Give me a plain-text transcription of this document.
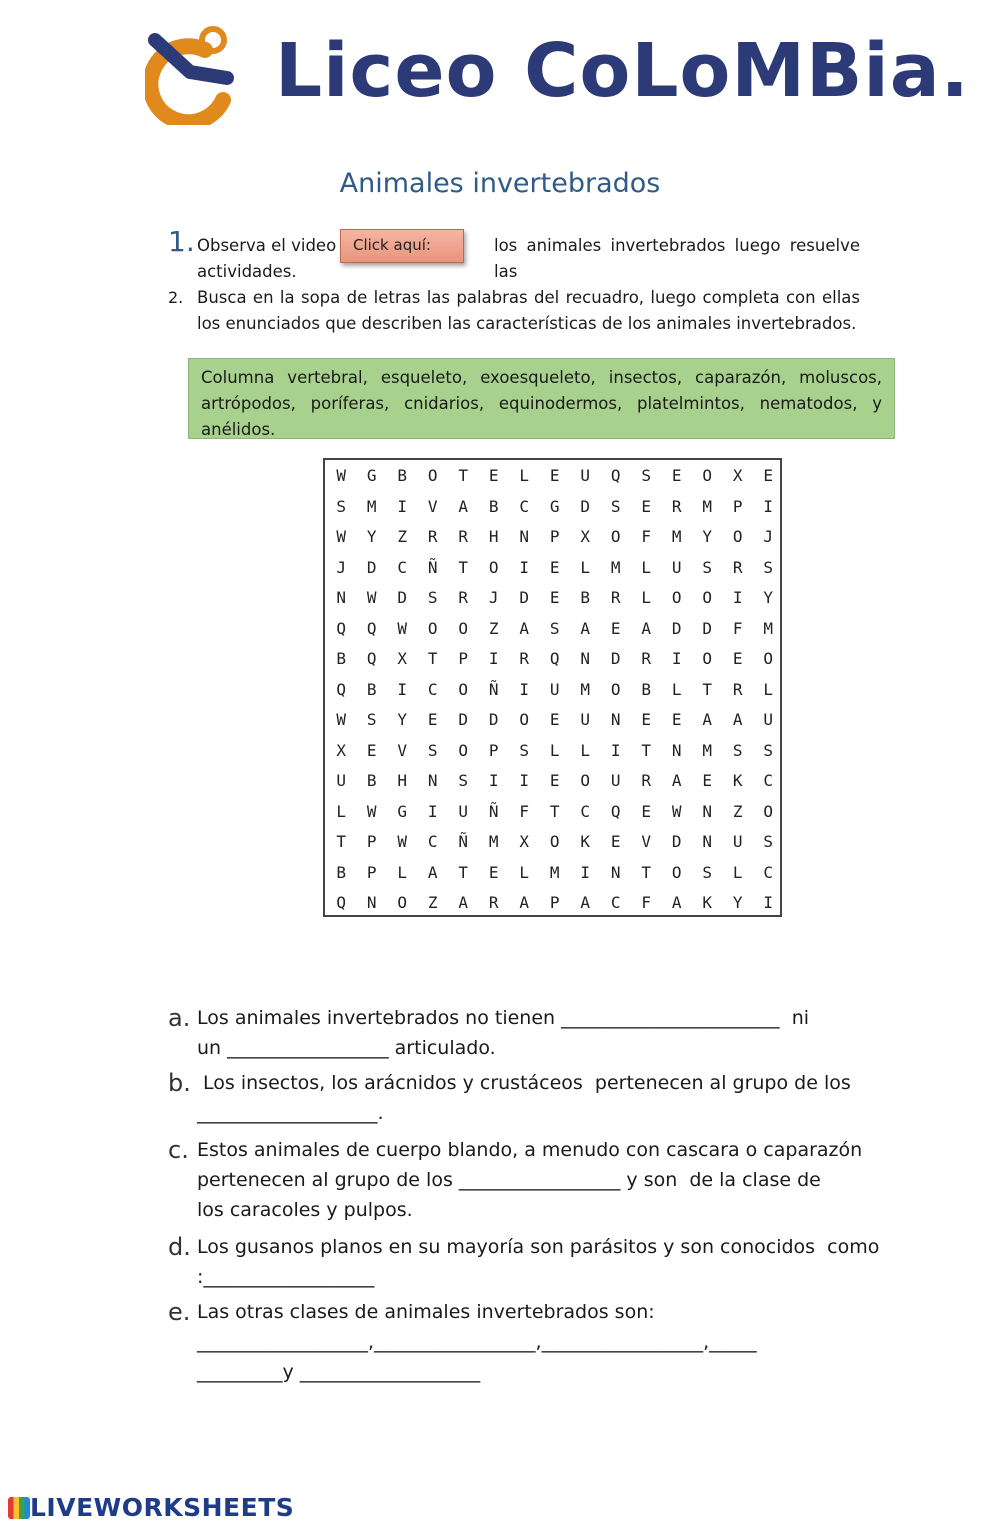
Liceo CoLoMBia.
Animales invertebrados
1. Observa el video	los animales invertebrados luego resuelve las

actividades.
Click aquí:
2. Busca en la sopa de letras las palabras del recuadro, luego completa con ellas los enunciados que describen las características de los animales invertebrados.
Columna vertebral, esqueleto, exoesqueleto, insectos, caparazón, moluscos, artrópodos, poríferas, cnidarios, equinodermos, platelmintos, nematodos, y anélidos.
W	G	B	O	T	E	L	E	U	Q	S	E	O	X	E
S	M	I	V	A	B	C	G	D	S	E	R	M	P	I
W	Y	Z	R	R	H	N	P	X	O	F	M	Y	O	J
J	D	C	Ñ	T	O	I	E	L	M	L	U	S	R	S
N	W	D	S	R	J	D	E	B	R	L	O	O	I	Y
Q	Q	W	O	O	Z	A	S	A	E	A	D	D	F	M
B	Q	X	T	P	I	R	Q	N	D	R	I	O	E	O
Q	B	I	C	O	Ñ	I	U	M	O	B	L	T	R	L
W	S	Y	E	D	D	O	E	U	N	E	E	A	A	U
X	E	V	S	O	P	S	L	L	I	T	N	M	S	S
U	B	H	N	S	I	I	E	O	U	R	A	E	K	C
L	W	G	I	U	Ñ	F	T	C	Q	E	W	N	Z	O
T	P	W	C	Ñ	M	X	O	K	E	V	D	N	U	S
B	P	L	A	T	E	L	M	I	N	T	O	S	L	C
Q	N	O	Z	A	R	A	P	A	C	F	A	K	Y	I
a. Los animales invertebrados no tienen _______________________  ni
un _________________ articulado.
b. Los insectos, los arácnidos y crustáceos  pertenecen al grupo de los
___________________.
c. Estos animales de cuerpo blando, a menudo con cascara o caparazón
pertenecen al grupo de los _________________ y son  de la clase de
los caracoles y pulpos.
d. Los gusanos planos en su mayoría son parásitos y son conocidos  como
:__________________
e. Las otras clases de animales invertebrados son:
__________________,_________________,_________________,_____
_________y ___________________
LIVEWORKSHEETS
